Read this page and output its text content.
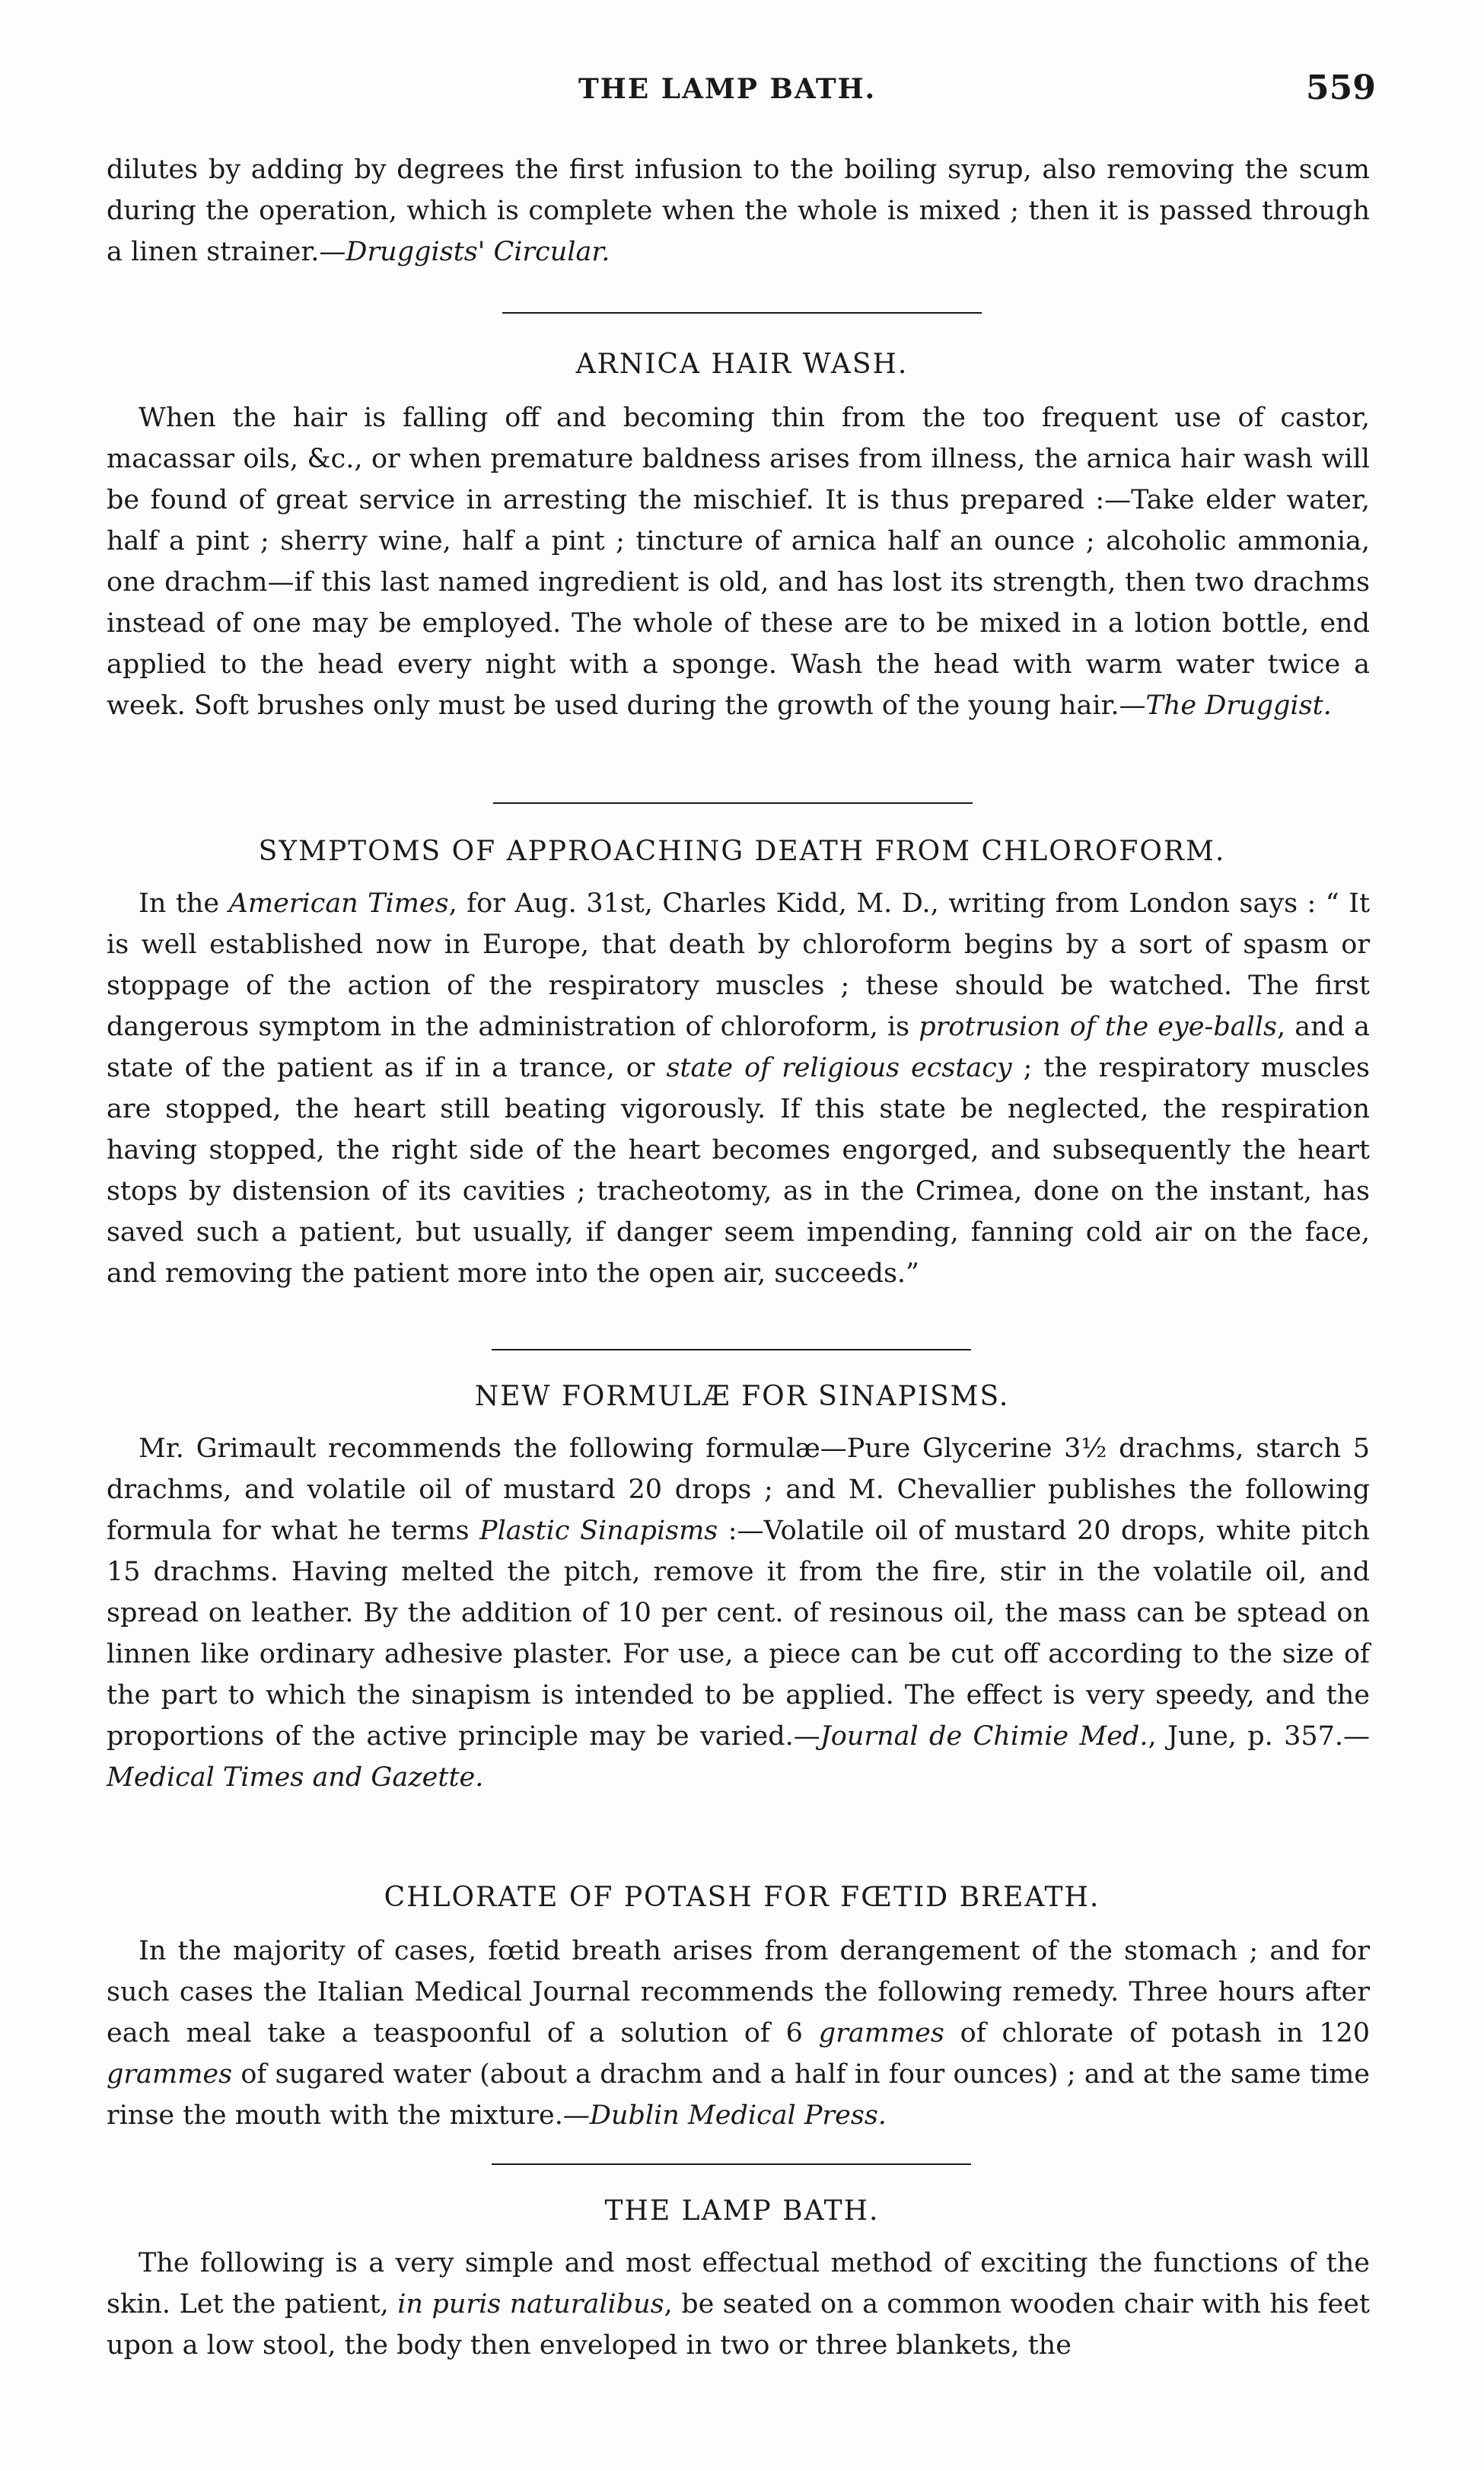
THE LAMP BATH.	559

dilutes by adding by degrees the first infusion to the boiling syrup, also removing the scum during the operation, which is complete when the whole is mixed ; then it is passed through a linen strainer.—Druggists' Circular.

ARNICA HAIR WASH.

When the hair is falling off and becoming thin from the too frequent use of castor, macassar oils, &c., or when premature baldness arises from illness, the arnica hair wash will be found of great service in arresting the mischief. It is thus prepared :—Take elder water, half a pint ; sherry wine, half a pint ; tincture of arnica half an ounce ; alcoholic ammonia, one drachm—if this last named ingredient is old, and has lost its strength, then two drachms instead of one may be employed. The whole of these are to be mixed in a lotion bottle, end applied to the head every night with a sponge. Wash the head with warm water twice a week. Soft brushes only must be used during the growth of the young hair.—The Druggist.

SYMPTOMS OF APPROACHING DEATH FROM CHLOROFORM.

In the American Times, for Aug. 31st, Charles Kidd, M. D., writing from London says : “ It is well established now in Europe, that death by chloroform begins by a sort of spasm or stoppage of the action of the respiratory muscles ; these should be watched. The first dangerous symptom in the administration of chloroform, is protrusion of the eye-balls, and a state of the patient as if in a trance, or state of religious ecstacy ; the respiratory muscles are stopped, the heart still beating vigorously. If this state be neglected, the respiration having stopped, the right side of the heart becomes engorged, and subsequently the heart stops by distension of its cavities ; tracheotomy, as in the Crimea, done on the instant, has saved such a patient, but usually, if danger seem impending, fanning cold air on the face, and removing the patient more into the open air, succeeds.”

NEW FORMULÆ FOR SINAPISMS.

Mr. Grimault recommends the following formulæ—Pure Glycerine 3½ drachms, starch 5 drachms, and volatile oil of mustard 20 drops ; and M. Chevallier publishes the following formula for what he terms Plastic Sinapisms :—Volatile oil of mustard 20 drops, white pitch 15 drachms. Having melted the pitch, remove it from the fire, stir in the volatile oil, and spread on leather. By the addition of 10 per cent. of resinous oil, the mass can be sptead on linnen like ordinary adhesive plaster. For use, a piece can be cut off according to the size of the part to which the sinapism is intended to be applied. The effect is very speedy, and the proportions of the active principle may be varied.—Journal de Chimie Med., June, p. 357.—Medical Times and Gazette.

CHLORATE OF POTASH FOR FŒTID BREATH.

In the majority of cases, fœtid breath arises from derangement of the stomach ; and for such cases the Italian Medical Journal recommends the following remedy. Three hours after each meal take a teaspoonful of a solution of 6 grammes of chlorate of potash in 120 grammes of sugared water (about a drachm and a half in four ounces) ; and at the same time rinse the mouth with the mixture.—Dublin Medical Press.

THE LAMP BATH.

The following is a very simple and most effectual method of exciting the functions of the skin. Let the patient, in puris naturalibus, be seated on a common wooden chair with his feet upon a low stool, the body then enveloped in two or three blankets, the
